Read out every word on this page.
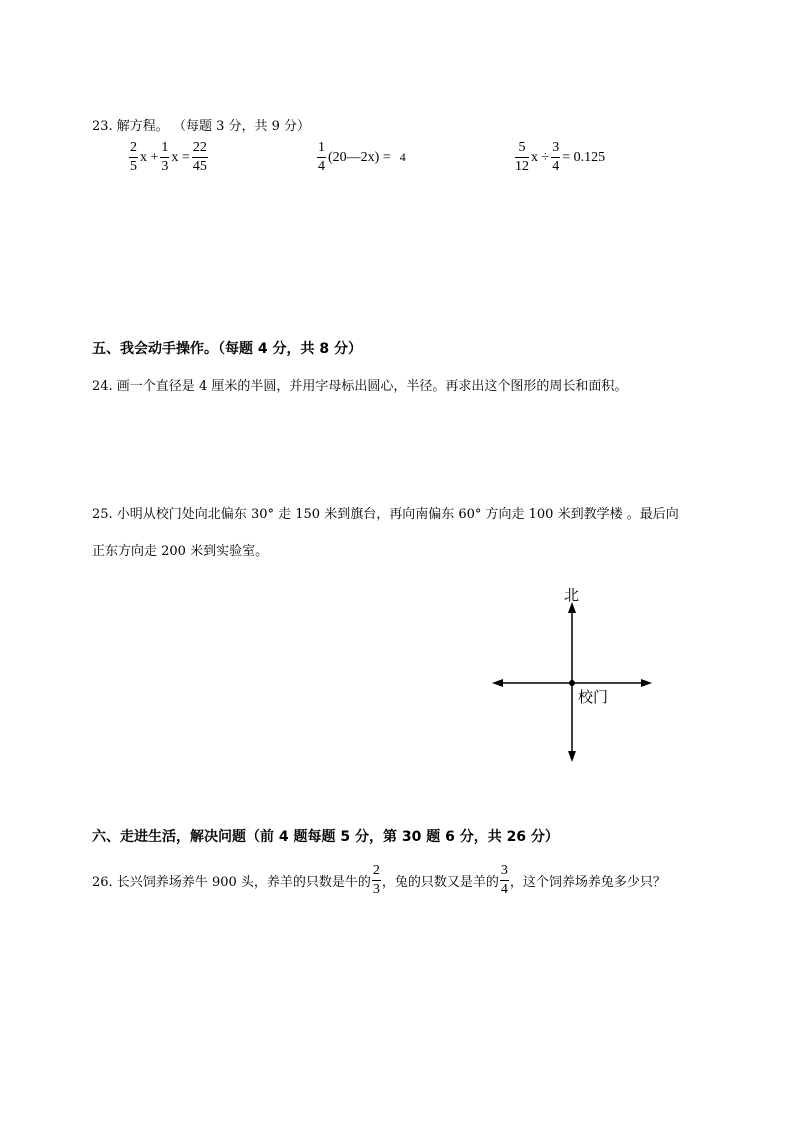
23. 解方程。 （每题 3 分，共 9 分）
$\frac{2}{5}$ $x + \frac{1}{3}$ $x = \frac{22}{45}$	$\frac{1}{4}$ (20—2x) = 4	$\frac{5}{12}$ $x \div \frac{3}{4} = 0.125$
五、我会动手操作。（每题 4 分，共 8 分）
24. 画一个直径是 4 厘米的半圆，并用字母标出圆心，半径。再求出这个图形的周长和面积。
25. 小明从校门处向北偏东 30° 走 150 米到旗台，再向南偏东 60° 方向走 100 米到教学楼 。最后向
正东方向走 200 米到实验室。
北
校门
六、走进生活，解决问题（前 4 题每题 5 分，第 30 题 6 分，共 26 分）
26. 长兴饲养场养牛 900 头，养羊的只数是牛的 $\frac{2}{3}$ ，兔的只数又是羊的 $\frac{3}{4}$ ，这个饲养场养兔多少只？
